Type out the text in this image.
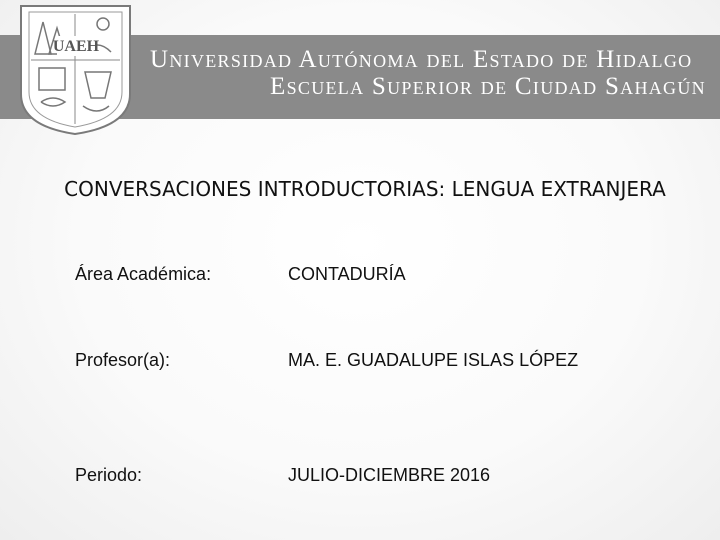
UAEH Universidad Autónoma del Estado de Hidalgo
Escuela Superior de Ciudad Sahagún
CONVERSACIONES INTRODUCTORIAS: LENGUA EXTRANJERA
Área Académica:	CONTADURÍA
Profesor(a):	MA. E. GUADALUPE ISLAS LÓPEZ
Periodo:	JULIO-DICIEMBRE 2016
